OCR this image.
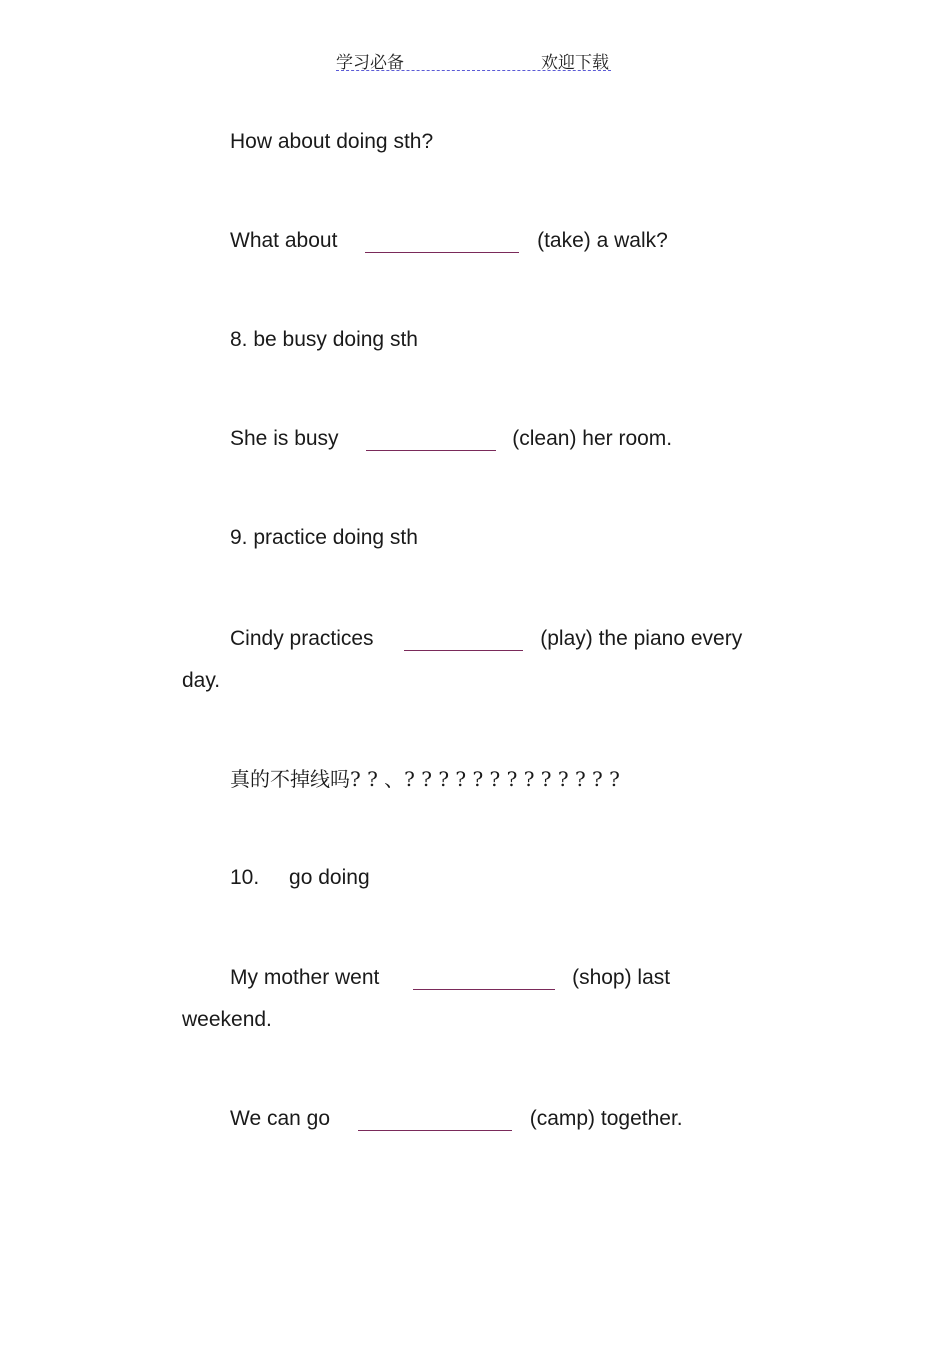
学习必备	欢迎下载
How about doing sth?
What about	(take) a walk?
8. be busy doing sth
She is busy	(clean) her room.
9. practice doing sth
Cindy practices	(play) the piano every
day.
真的不掉线吗? ? 、? ? ? ? ? ? ? ? ? ? ? ? ?
10. go doing
My mother went	(shop) last
weekend.
We can go	(camp) together.
